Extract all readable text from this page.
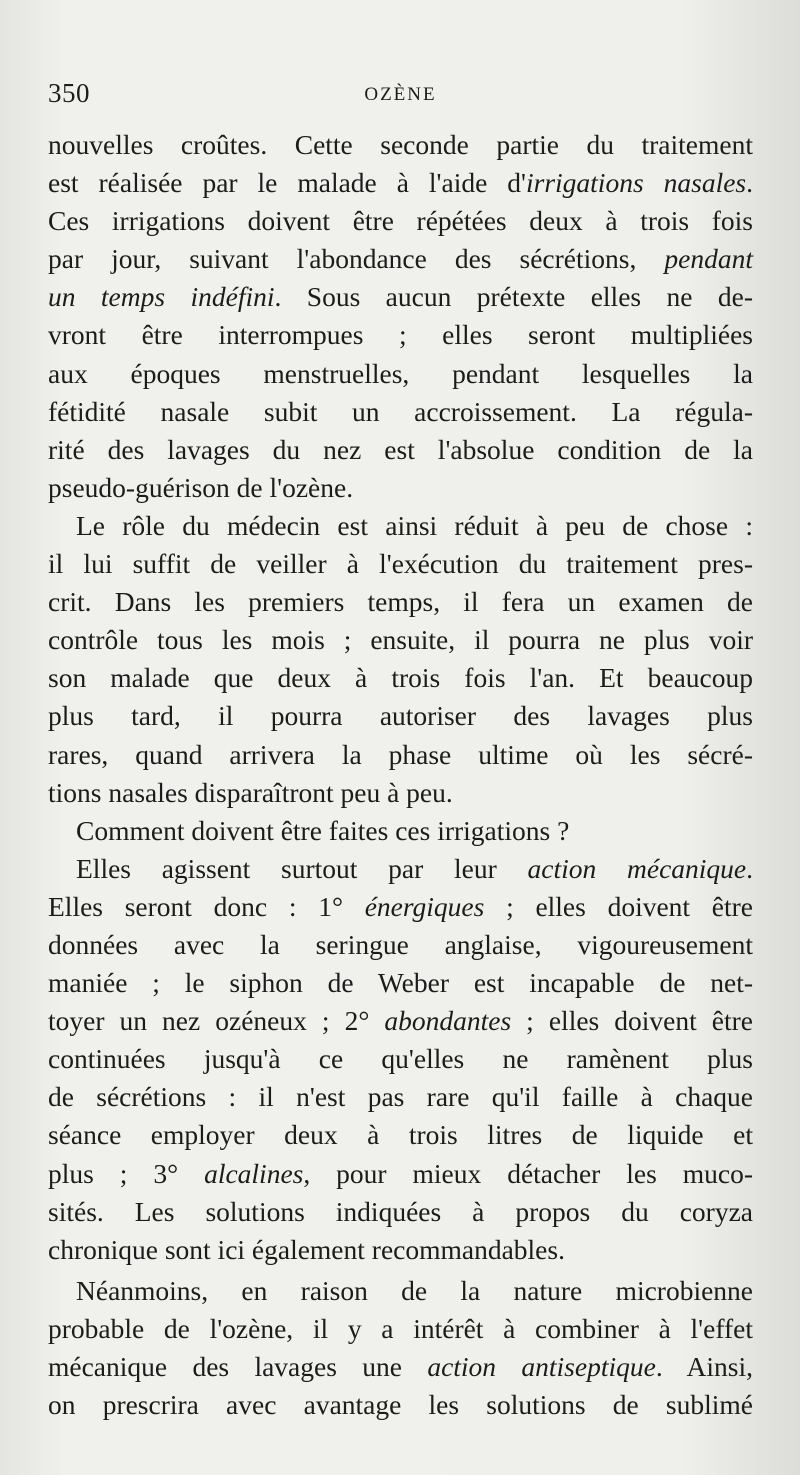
350	OZÈNE
nouvelles croûtes. Cette seconde partie du traitement
est réalisée par le malade à l'aide d'irrigations nasales.
Ces irrigations doivent être répétées deux à trois fois
par jour, suivant l'abondance des sécrétions, pendant
un temps indéfini. Sous aucun prétexte elles ne de-
vront être interrompues ; elles seront multipliées
aux époques menstruelles, pendant lesquelles la
fétidité nasale subit un accroissement. La régula-
rité des lavages du nez est l'absolue condition de la
pseudo-guérison de l'ozène.
Le rôle du médecin est ainsi réduit à peu de chose :
il lui suffit de veiller à l'exécution du traitement pres-
crit. Dans les premiers temps, il fera un examen de
contrôle tous les mois ; ensuite, il pourra ne plus voir
son malade que deux à trois fois l'an. Et beaucoup
plus tard, il pourra autoriser des lavages plus
rares, quand arrivera la phase ultime où les sécré-
tions nasales disparaîtront peu à peu.
Comment doivent être faites ces irrigations ?
Elles agissent surtout par leur action mécanique.
Elles seront donc : 1° énergiques ; elles doivent être
données avec la seringue anglaise, vigoureusement
maniée ; le siphon de Weber est incapable de net-
toyer un nez ozéneux ; 2° abondantes ; elles doivent être
continuées jusqu'à ce qu'elles ne ramènent plus
de sécrétions : il n'est pas rare qu'il faille à chaque
séance employer deux à trois litres de liquide et
plus ; 3° alcalines, pour mieux détacher les muco-
sités. Les solutions indiquées à propos du coryza
chronique sont ici également recommandables.
Néanmoins, en raison de la nature microbienne
probable de l'ozène, il y a intérêt à combiner à l'effet
mécanique des lavages une action antiseptique. Ainsi,
on prescrira avec avantage les solutions de sublimé
